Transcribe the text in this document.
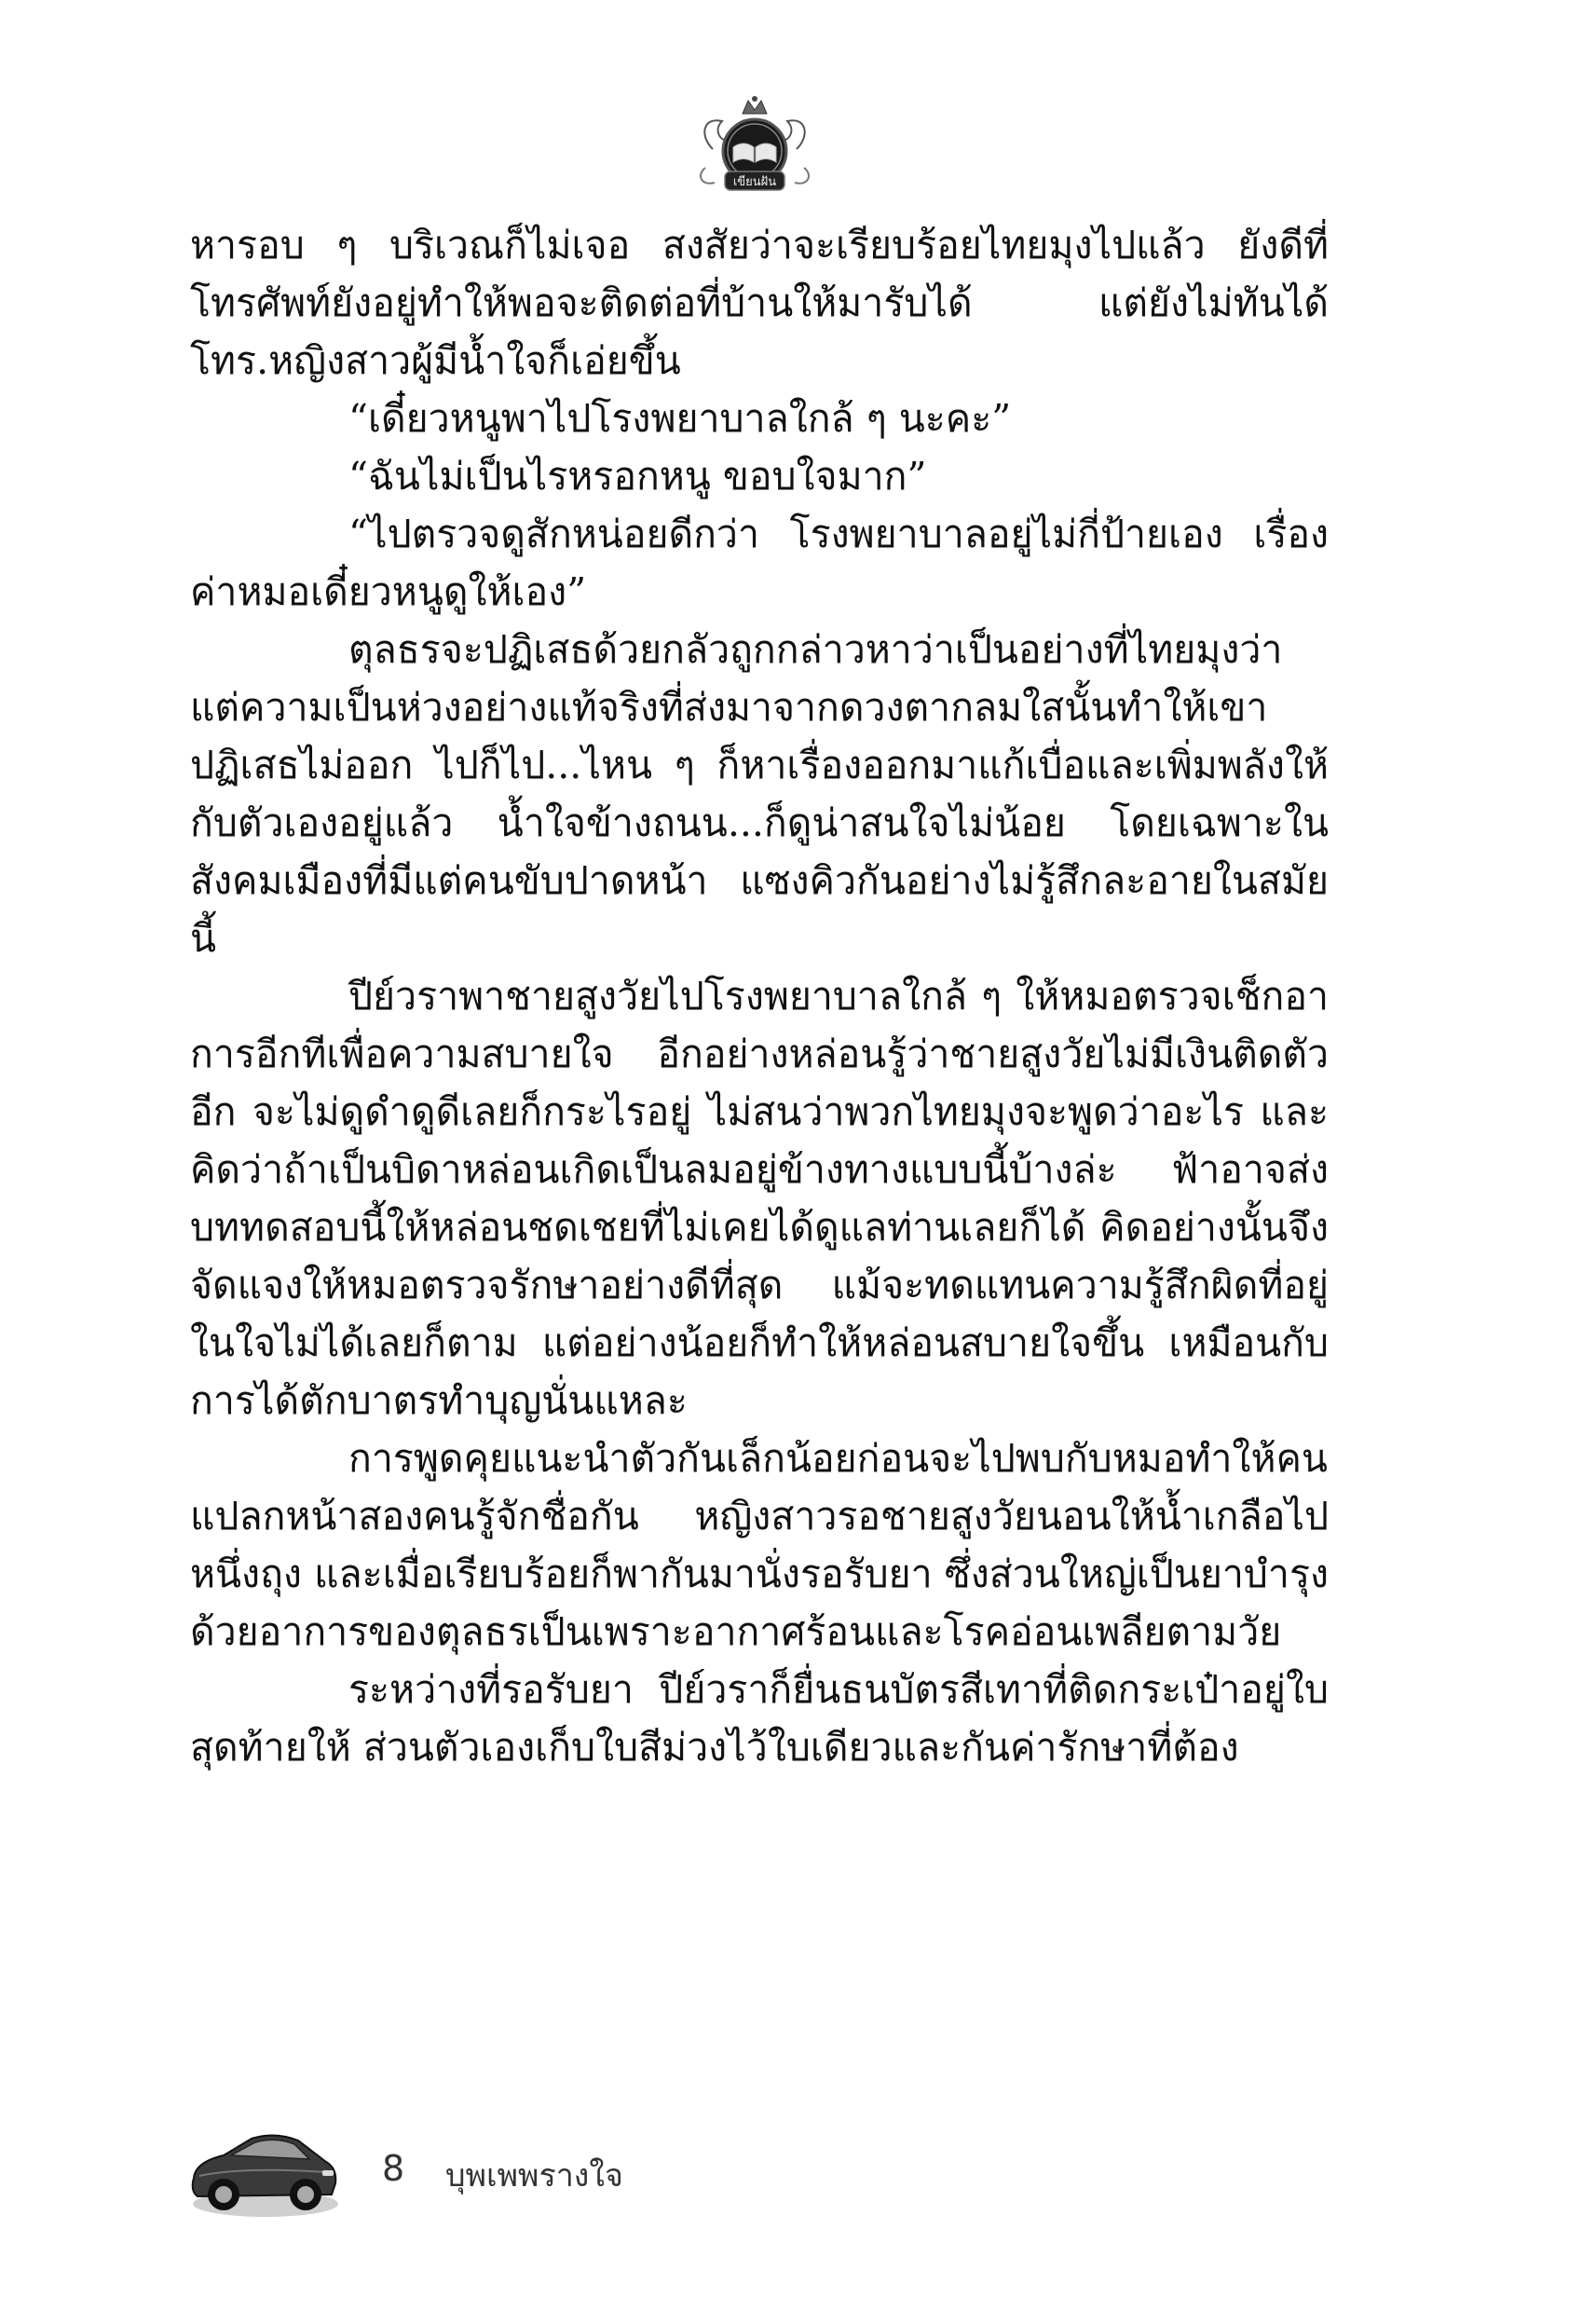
เขียนฝัน

หารอบ ๆ บริเวณก็ไม่เจอ สงสัยว่าจะเรียบร้อยไทยมุงไปแล้ว ยังดีที่โทรศัพท์ยังอยู่ทำให้พอจะติดต่อที่บ้านให้มารับได้ แต่ยังไม่ทันได้โทร.หญิงสาวผู้มีน้ำใจก็เอ่ยขึ้น

“เดี๋ยวหนูพาไปโรงพยาบาลใกล้ ๆ นะคะ”

“ฉันไม่เป็นไรหรอกหนู ขอบใจมาก”

“ไปตรวจดูสักหน่อยดีกว่า โรงพยาบาลอยู่ไม่กี่ป้ายเอง เรื่องค่าหมอเดี๋ยวหนูดูให้เอง”

ตุลธรจะปฏิเสธด้วยกลัวถูกกล่าวหาว่าเป็นอย่างที่ไทยมุงว่า แต่ความเป็นห่วงอย่างแท้จริงที่ส่งมาจากดวงตากลมใสนั้นทำให้เขาปฏิเสธไม่ออก ไปก็ไป...ไหน ๆ ก็หาเรื่องออกมาแก้เบื่อและเพิ่มพลังให้กับตัวเองอยู่แล้ว น้ำใจข้างถนน...ก็ดูน่าสนใจไม่น้อย โดยเฉพาะในสังคมเมืองที่มีแต่คนขับปาดหน้า แซงคิวกันอย่างไม่รู้สึกละอายในสมัยนี้

ปีย์วราพาชายสูงวัยไปโรงพยาบาลใกล้ ๆ ให้หมอตรวจเช็กอาการอีกทีเพื่อความสบายใจ อีกอย่างหล่อนรู้ว่าชายสูงวัยไม่มีเงินติดตัวอีก จะไม่ดูดำดูดีเลยก็กระไรอยู่ ไม่สนว่าพวกไทยมุงจะพูดว่าอะไร และคิดว่าถ้าเป็นบิดาหล่อนเกิดเป็นลมอยู่ข้างทางแบบนี้บ้างล่ะ ฟ้าอาจส่งบททดสอบนี้ให้หล่อนชดเชยที่ไม่เคยได้ดูแลท่านเลยก็ได้ คิดอย่างนั้นจึงจัดแจงให้หมอตรวจรักษาอย่างดีที่สุด แม้จะทดแทนความรู้สึกผิดที่อยู่ในใจไม่ได้เลยก็ตาม แต่อย่างน้อยก็ทำให้หล่อนสบายใจขึ้น เหมือนกับการได้ตักบาตรทำบุญนั่นแหละ

การพูดคุยแนะนำตัวกันเล็กน้อยก่อนจะไปพบกับหมอทำให้คนแปลกหน้าสองคนรู้จักชื่อกัน หญิงสาวรอชายสูงวัยนอนให้น้ำเกลือไปหนึ่งถุง และเมื่อเรียบร้อยก็พากันมานั่งรอรับยา ซึ่งส่วนใหญ่เป็นยาบำรุง ด้วยอาการของตุลธรเป็นเพราะอากาศร้อนและโรคอ่อนเพลียตามวัย

ระหว่างที่รอรับยา ปีย์วราก็ยื่นธนบัตรสีเทาที่ติดกระเป๋าอยู่ใบสุดท้ายให้ ส่วนตัวเองเก็บใบสีม่วงไว้ใบเดียวและกันค่ารักษาที่ต้อง

8 บุพเพพรางใจ
